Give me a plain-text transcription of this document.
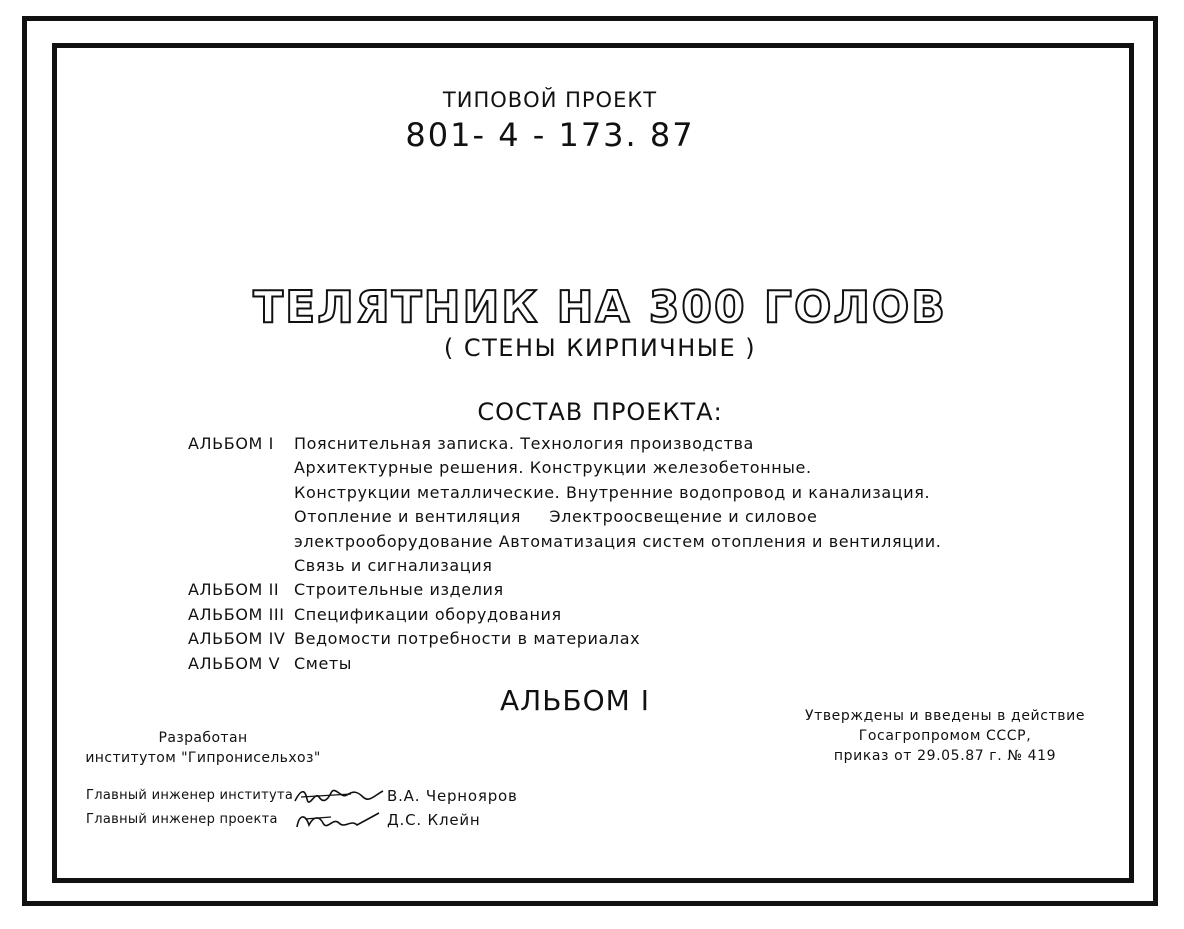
ТИПОВОЙ ПРОЕКТ
801- 4 - 173. 87
ТЕЛЯТНИК НА 300 ГОЛОВ
( СТЕНЫ КИРПИЧНЫЕ )
СОСТАВ ПРОЕКТА:
АЛЬБОМ I	Пояснительная записка. Технология производства
Архитектурные решения. Конструкции железобетонные.
Конструкции металлические. Внутренние водопровод и канализация.
Отопление и вентиляция     Электроосвещение и силовое
электрооборудование Автоматизация систем отопления и вентиляции.
Связь и сигнализация
АЛЬБОМ II Строительные изделия
АЛЬБОМ III Спецификации оборудования
АЛЬБОМ IV Ведомости потребности в материалах
АЛЬБОМ V Сметы
АЛЬБОМ I
Разработан
институтом "Гипронисельхоз"
Утверждены и введены в действие
Госагропромом СССР,
приказ от 29.05.87 г. № 419
Главный инженер института	В.А. Чернояров
Главный инженер проекта	Д.С. Клейн
